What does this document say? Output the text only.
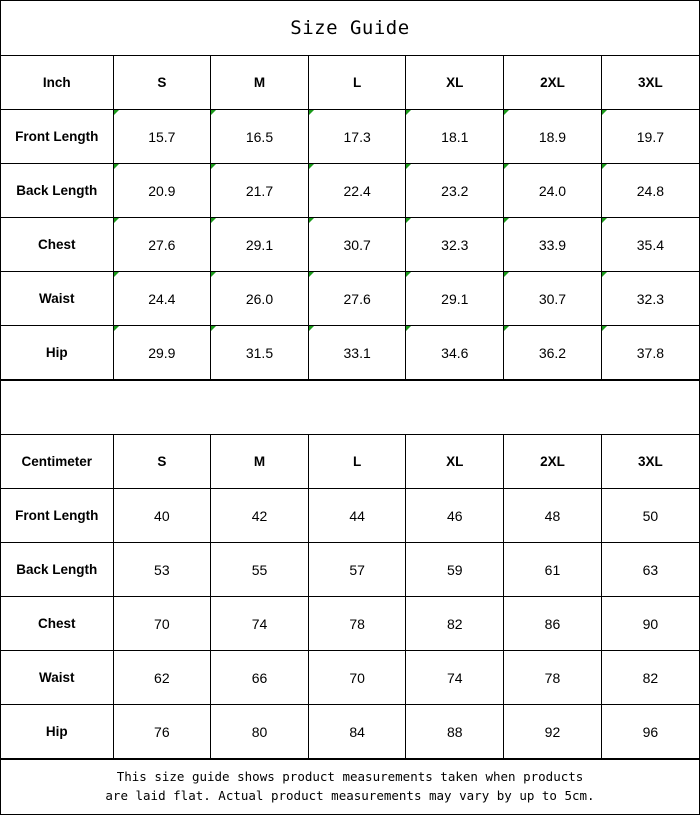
Size Guide
Inch	S	M	L	XL	2XL	3XL
Front Length	15.7	16.5	17.3	18.1	18.9	19.7
Back Length	20.9	21.7	22.4	23.2	24.0	24.8
Chest	27.6	29.1	30.7	32.3	33.9	35.4
Waist	24.4	26.0	27.6	29.1	30.7	32.3
Hip	29.9	31.5	33.1	34.6	36.2	37.8
Centimeter	S	M	L	XL	2XL	3XL
Front Length	40	42	44	46	48	50
Back Length	53	55	57	59	61	63
Chest	70	74	78	82	86	90
Waist	62	66	70	74	78	82
Hip	76	80	84	88	92	96
This size guide shows product measurements taken when products
are laid flat. Actual product measurements may vary by up to 5cm.
